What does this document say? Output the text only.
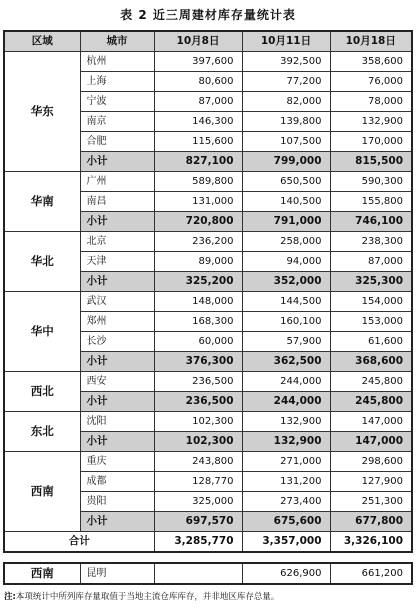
表 2 近三周建材库存量统计表
区域	城市	10月8日	10月11日	10月18日
华东	杭州	397,600	392,500	358,600
	上海	80,600	77,200	76,000
	宁波	87,000	82,000	78,000
	南京	146,300	139,800	132,900
	合肥	115,600	107,500	170,000
	小计	827,100	799,000	815,500
华南	广州	589,800	650,500	590,300
	南昌	131,000	140,500	155,800
	小计	720,800	791,000	746,100
华北	北京	236,200	258,000	238,300
	天津	89,000	94,000	87,000
	小计	325,200	352,000	325,300
华中	武汉	148,000	144,500	154,000
	郑州	168,300	160,100	153,000
	长沙	60,000	57,900	61,600
	小计	376,300	362,500	368,600
西北	西安	236,500	244,000	245,800
	小计	236,500	244,000	245,800
东北	沈阳	102,300	132,900	147,000
	小计	102,300	132,900	147,000
西南	重庆	243,800	271,000	298,600
	成都	128,770	131,200	127,900
	贵阳	325,000	273,400	251,300
	小计	697,570	675,600	677,800
合计		3,285,770	3,357,000	3,326,100
西南	昆明		626,900	661,200
注:本项统计中所列库存量取值于当地主流仓库库存，并非地区库存总量。
